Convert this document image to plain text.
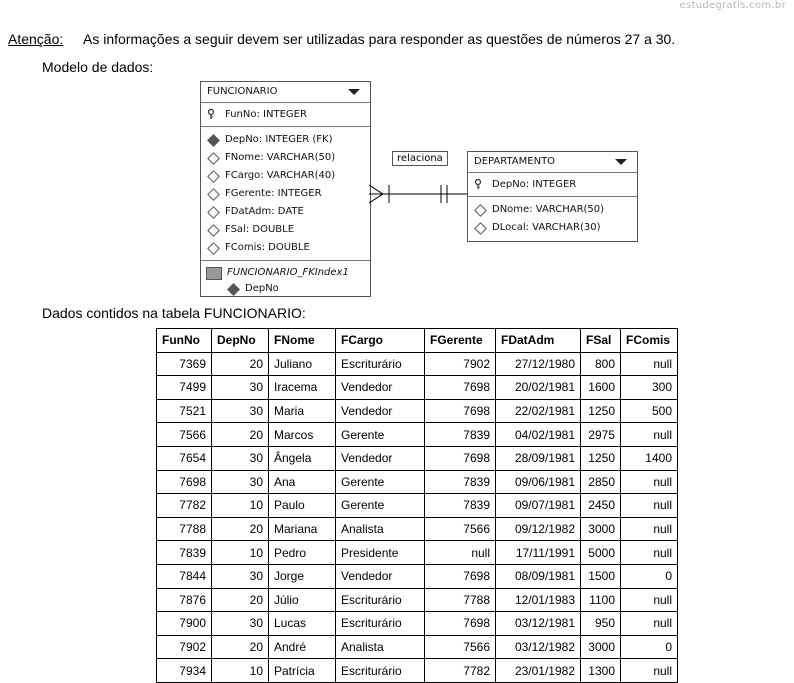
estudegratis.com.br
Atenção: As informações a seguir devem ser utilizadas para responder as questões de números 27 a 30.
Modelo de dados:
FUNCIONARIO
FunNo: INTEGER
DepNo: INTEGER (FK)
FNome: VARCHAR(50)
FCargo: VARCHAR(40)
FGerente: INTEGER
FDatAdm: DATE
FSal: DOUBLE
FComis: DOUBLE
FUNCIONARIO_FKIndex1
DepNo
relaciona	DEPARTAMENTO
DepNo: INTEGER
DNome: VARCHAR(50)
DLocal: VARCHAR(30)
Dados contidos na tabela FUNCIONARIO:
FunNo	DepNo	FNome	FCargo	FGerente	FDatAdm	FSal	FComis
7369	20	Juliano	Escriturário	7902	27/12/1980	800	null
7499	30	Iracema	Vendedor	7698	20/02/1981	1600	300
7521	30	Maria	Vendedor	7698	22/02/1981	1250	500
7566	20	Marcos	Gerente	7839	04/02/1981	2975	null
7654	30	Ângela	Vendedor	7698	28/09/1981	1250	1400
7698	30	Ana	Gerente	7839	09/06/1981	2850	null
7782	10	Paulo	Gerente	7839	09/07/1981	2450	null
7788	20	Mariana	Analista	7566	09/12/1982	3000	null
7839	10	Pedro	Presidente	null	17/11/1991	5000	null
7844	30	Jorge	Vendedor	7698	08/09/1981	1500	0
7876	20	Júlio	Escriturário	7788	12/01/1983	1100	null
7900	30	Lucas	Escriturário	7698	03/12/1981	950	null
7902	20	André	Analista	7566	03/12/1982	3000	0
7934	10	Patrícia	Escriturário	7782	23/01/1982	1300	null
